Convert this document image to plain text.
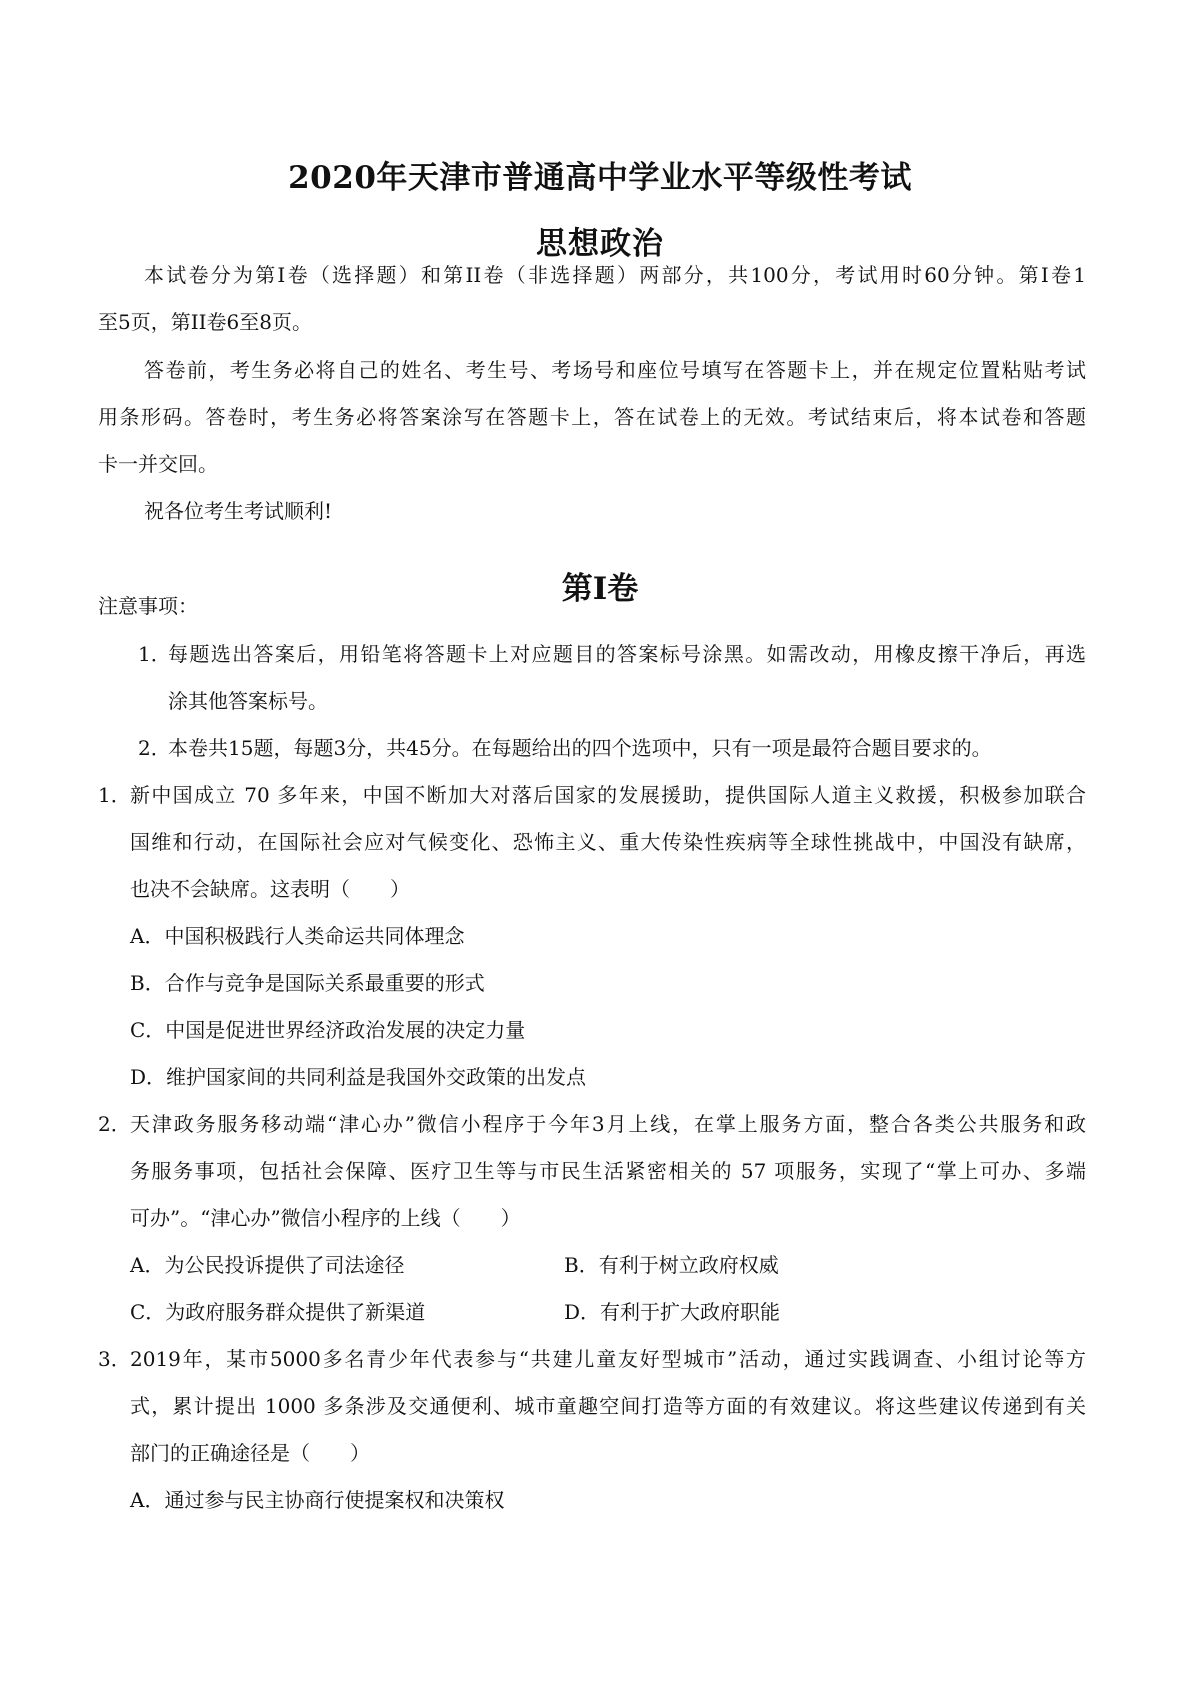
2020年天津市普通高中学业水平等级性考试
思想政治
本试卷分为第I卷（选择题）和第II卷（非选择题）两部分，共100分，考试用时60分钟。第I卷1
至5页，第II卷6至8页。
答卷前，考生务必将自己的姓名、考生号、考场号和座位号填写在答题卡上，并在规定位置粘贴考试
用条形码。答卷时，考生务必将答案涂写在答题卡上，答在试卷上的无效。考试结束后，将本试卷和答题
卡一并交回。
祝各位考生考试顺利!
第I卷
注意事项：
1．
每题选出答案后，用铅笔将答题卡上对应题目的答案标号涂黑。如需改动，用橡皮擦干净后，再选
涂其他答案标号。
2．
本卷共15题，每题3分，共45分。在每题给出的四个选项中，只有一项是最符合题目要求的。
1． 新中国成立 70 多年来，中国不断加大对落后国家的发展援助，提供国际人道主义救援，积极参加联合
国维和行动，在国际社会应对气候变化、恐怖主义、重大传染性疾病等全球性挑战中，中国没有缺席，
也决不会缺席。这表明（　　）
A．中国积极践行人类命运共同体理念
B．合作与竞争是国际关系最重要的形式
C．中国是促进世界经济政治发展的决定力量
D．维护国家间的共同利益是我国外交政策的出发点
2． 天津政务服务移动端“津心办”微信小程序于今年3月上线，在掌上服务方面，整合各类公共服务和政
务服务事项，包括社会保障、医疗卫生等与市民生活紧密相关的 57 项服务，实现了“掌上可办、多端
可办”。“津心办”微信小程序的上线（　　）
A．为公民投诉提供了司法途径	B．有利于树立政府权威
C．为政府服务群众提供了新渠道	D．有利于扩大政府职能
3． 2019年，某市5000多名青少年代表参与“共建儿童友好型城市”活动，通过实践调查、小组讨论等方
式，累计提出 1000 多条涉及交通便利、城市童趣空间打造等方面的有效建议。将这些建议传递到有关
部门的正确途径是（　　）
A．通过参与民主协商行使提案权和决策权
